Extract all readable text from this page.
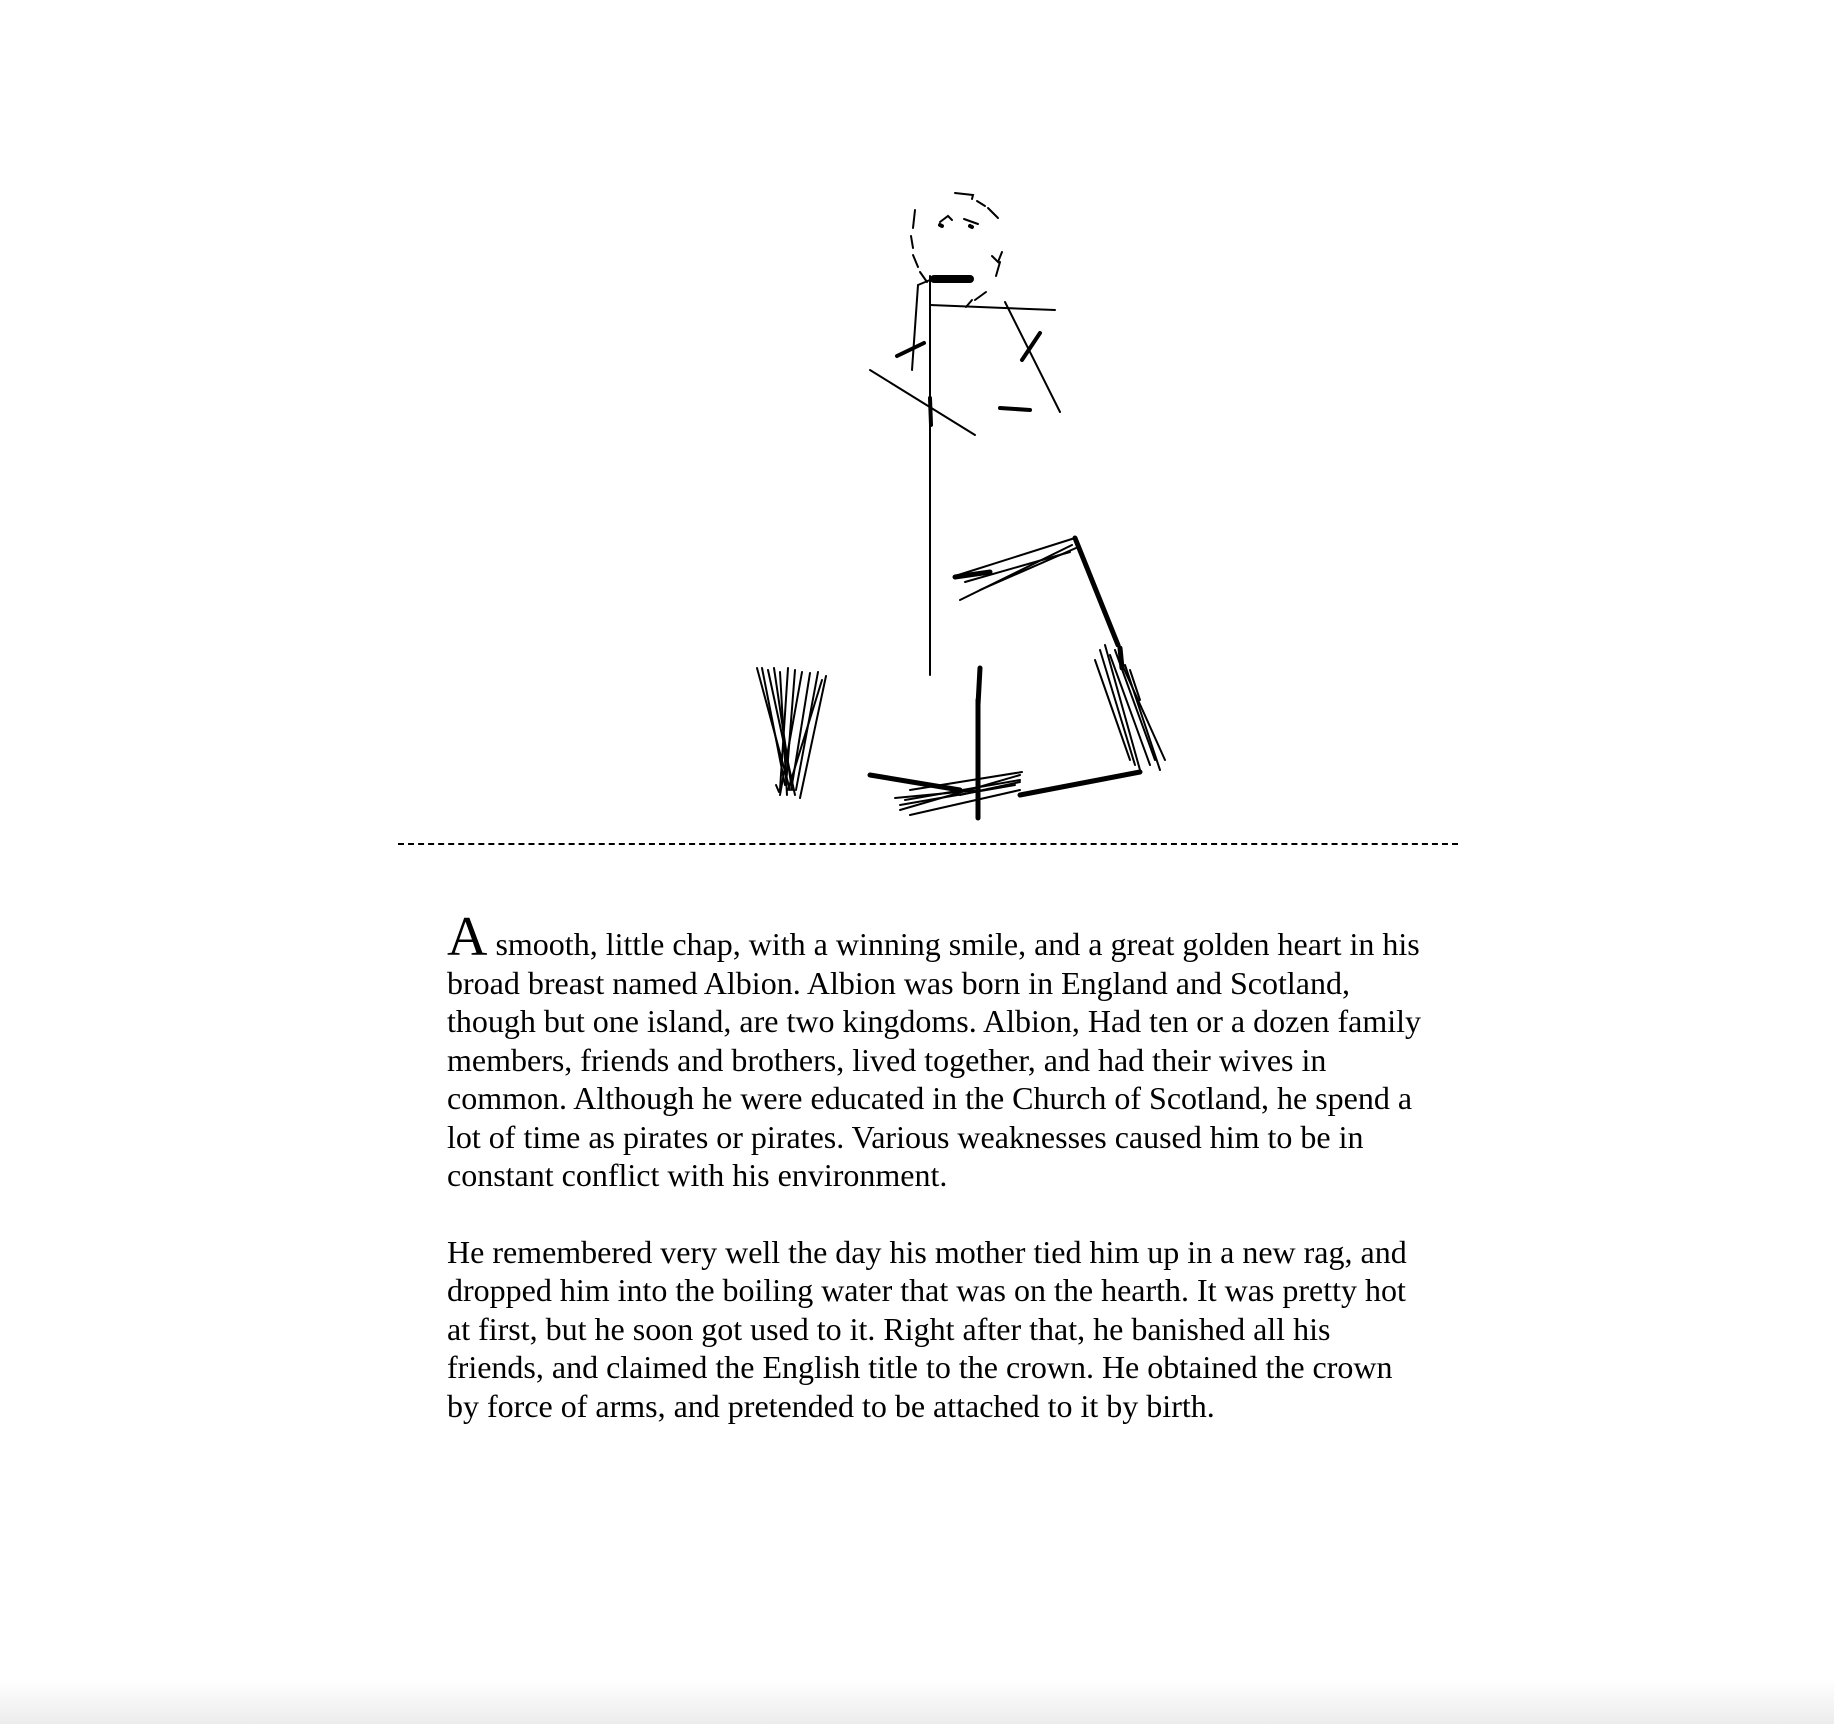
A smooth, little chap, with a winning smile, and a great golden heart in his broad breast named Albion. Albion was born in England and Scotland, though but one island, are two kingdoms. Albion, Had ten or a dozen family members, friends and brothers, lived together, and had their wives in common. Although he were educated in the Church of Scotland, he spend a lot of time as pirates or pirates. Various weaknesses caused him to be in constant conflict with his environment.

He remembered very well the day his mother tied him up in a new rag, and dropped him into the boiling water that was on the hearth. It was pretty hot at first, but he soon got used to it. Right after that, he banished all his friends, and claimed the English title to the crown. He obtained the crown by force of arms, and pretended to be attached to it by birth.
